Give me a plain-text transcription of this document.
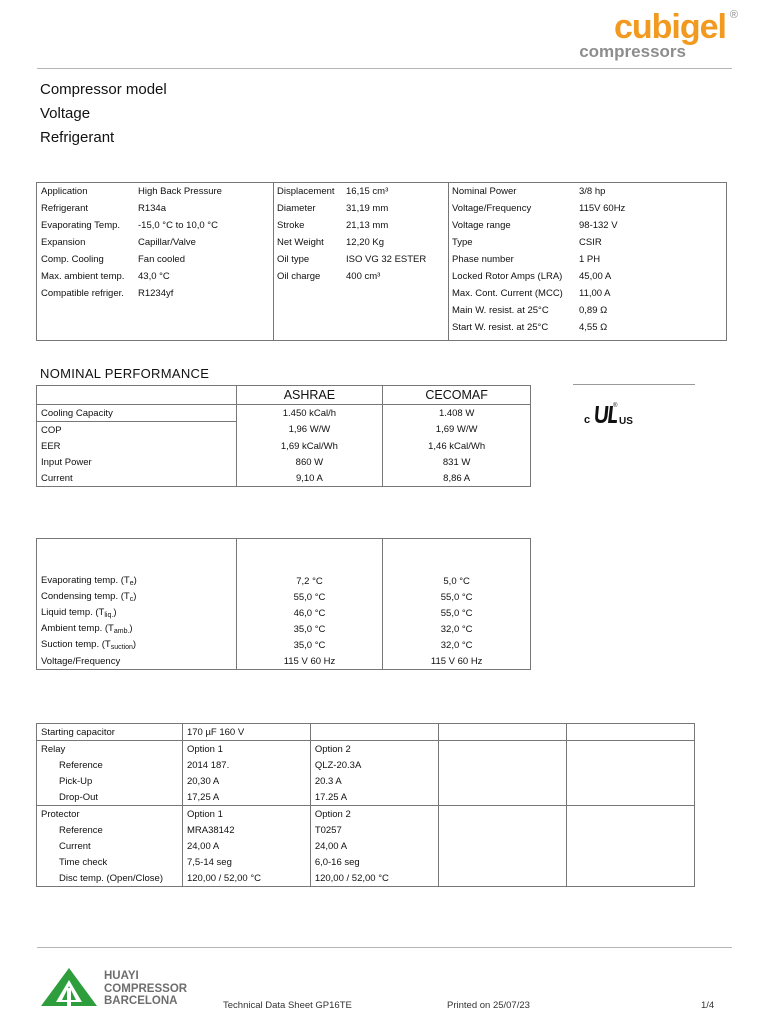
cubigel ®
compressors
Compressor model
Voltage
Refrigerant
Application	High Back Pressure
Refrigerant	R134a
Evaporating Temp. -15,0 °C to 10,0 °C
Expansion	Capillar/Valve
Comp. Cooling	Fan cooled
Max. ambient temp. 43,0 °C
Compatible refriger. R1234yf
Displacement 16,15 cm³
Diameter	31,19 mm
Stroke	21,13 mm
Net Weight 12,20 Kg
Oil type	ISO VG 32 ESTER
Oil charge	400 cm³
Nominal Power	3/8 hp
Voltage/Frequency	115V 60Hz
Voltage range	98-132 V
Type	CSIR
Phase number	1 PH
Locked Rotor Amps (LRA) 45,00 A
Max. Cont. Current (MCC) 11,00 A
Main W. resist. at 25°C	0,89 Ω
Start W. resist. at 25°C	4,55 Ω
NOMINAL PERFORMANCE
	ASHRAE	CECOMAF
Cooling Capacity	1.450 kCal/h	1.408 W
COP	1,96 W/W	1,69 W/W
EER	1,69 kCal/Wh	1,46 kCal/Wh
Input Power	860 W	831 W
Current	9,10 A	8,86 A
c	US
®

Evaporating temp. $(T_e)$	7,2 °C	5,0 °C
Condensing temp. $(T_c)$	55,0 °C	55,0 °C
Liquid temp. $(T_{liq.})$	46,0 °C	55,0 °C
Ambient temp. $(T_{amb.})$	35,0 °C	32,0 °C
Suction temp. $(T_{suction})$	35,0 °C	32,0 °C
Voltage/Frequency	115 V 60 Hz	115 V 60 Hz
Starting capacitor	170 µF 160 V			
Relay	Option 1	Option 2		
Reference	2014 187.	QLZ-20.3A		
Pick-Up	20,30 A	20.3 A		
Drop-Out	17,25 A	17.25 A		
Protector	Option 1	Option 2		
Reference	MRA38142	T0257		
Current	24,00 A	24,00 A		
Time check	7,5-14 seg	6,0-16 seg		
Disc temp. (Open/Close)	120,00 / 52,00 °C	120,00 / 52,00 °C		
HUAYI
COMPRESSOR
BARCELONA	Technical Data Sheet GP16TE	Printed on 25/07/23	1/4
